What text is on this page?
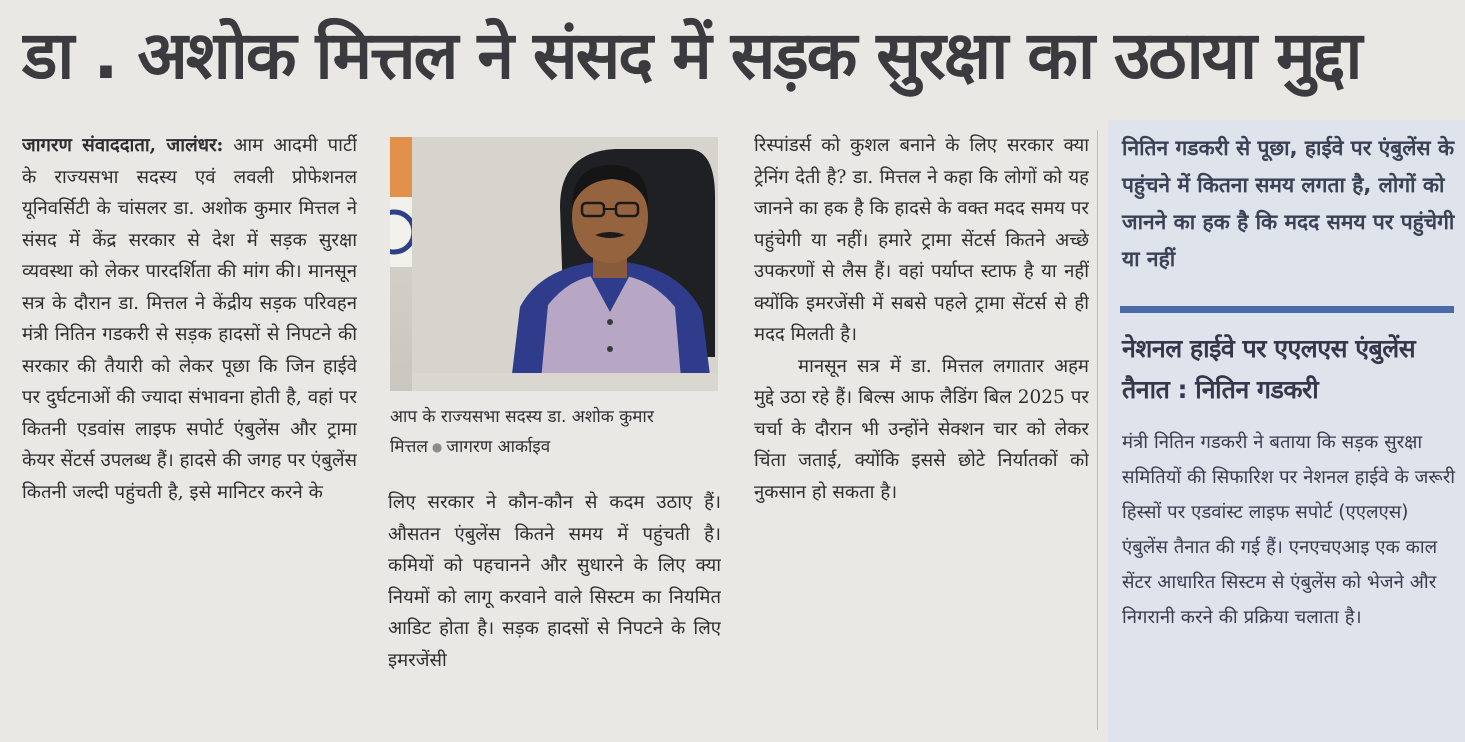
डा . अशोक मित्तल ने संसद में सड़क सुरक्षा का उठाया मुद्दा

जागरण संवाददाता, जालंधर: आम आदमी पार्टी के राज्यसभा सदस्य एवं लवली प्रोफेशनल यूनिवर्सिटी के चांसलर डा. अशोक कुमार मित्तल ने संसद में केंद्र सरकार से देश में सड़क सुरक्षा व्यवस्था को लेकर पारदर्शिता की मांग की। मानसून सत्र के दौरान डा. मित्तल ने केंद्रीय सड़क परिवहन मंत्री नितिन गडकरी से सड़क हादसों से निपटने की सरकार की तैयारी को लेकर पूछा कि जिन हाईवे पर दुर्घटनाओं की ज्यादा संभावना होती है, वहां पर कितनी एडवांस लाइफ सपोर्ट एंबुलेंस और ट्रामा केयर सेंटर्स उपलब्ध हैं। हादसे की जगह पर एंबुलेंस कितनी जल्दी पहुंचती है, इसे मानिटर करने के

आप के राज्यसभा सदस्य डा. अशोक कुमार मित्तल ● जागरण आर्काइव

लिए सरकार ने कौन-कौन से कदम उठाए हैं। औसतन एंबुलेंस कितने समय में पहुंचती है। कमियों को पहचानने और सुधारने के लिए क्या नियमों को लागू करवाने वाले सिस्टम का नियमित आडिट होता है। सड़क हादसों से निपटने के लिए इमरजेंसी

रिस्पांडर्स को कुशल बनाने के लिए सरकार क्या ट्रेनिंग देती है? डा. मित्तल ने कहा कि लोगों को यह जानने का हक है कि हादसे के वक्त मदद समय पर पहुंचेगी या नहीं। हमारे ट्रामा सेंटर्स कितने अच्छे उपकरणों से लैस हैं। वहां पर्याप्त स्टाफ है या नहीं क्योंकि इमरजेंसी में सबसे पहले ट्रामा सेंटर्स से ही मदद मिलती है।

मानसून सत्र में डा. मित्तल लगातार अहम मुद्दे उठा रहे हैं। बिल्स आफ लैडिंग बिल 2025 पर चर्चा के दौरान भी उन्होंने सेक्शन चार को लेकर चिंता जताई, क्योंकि इससे छोटे निर्यातकों को नुकसान हो सकता है।

नितिन गडकरी से पूछा, हाईवे पर एंबुलेंस के पहुंचने में कितना समय लगता है, लोगों को जानने का हक है कि मदद समय पर पहुंचेगी या नहीं
नेशनल हाईवे पर एएलएस एंबुलेंस तैनात : नितिन गडकरी
मंत्री नितिन गडकरी ने बताया कि सड़क सुरक्षा समितियों की सिफारिश पर नेशनल हाईवे के जरूरी हिस्सों पर एडवांस्ट लाइफ सपोर्ट (एएलएस) एंबुलेंस तैनात की गई हैं। एनएचएआइ एक काल सेंटर आधारित सिस्टम से एंबुलेंस को भेजने और निगरानी करने की प्रक्रिया चलाता है।
